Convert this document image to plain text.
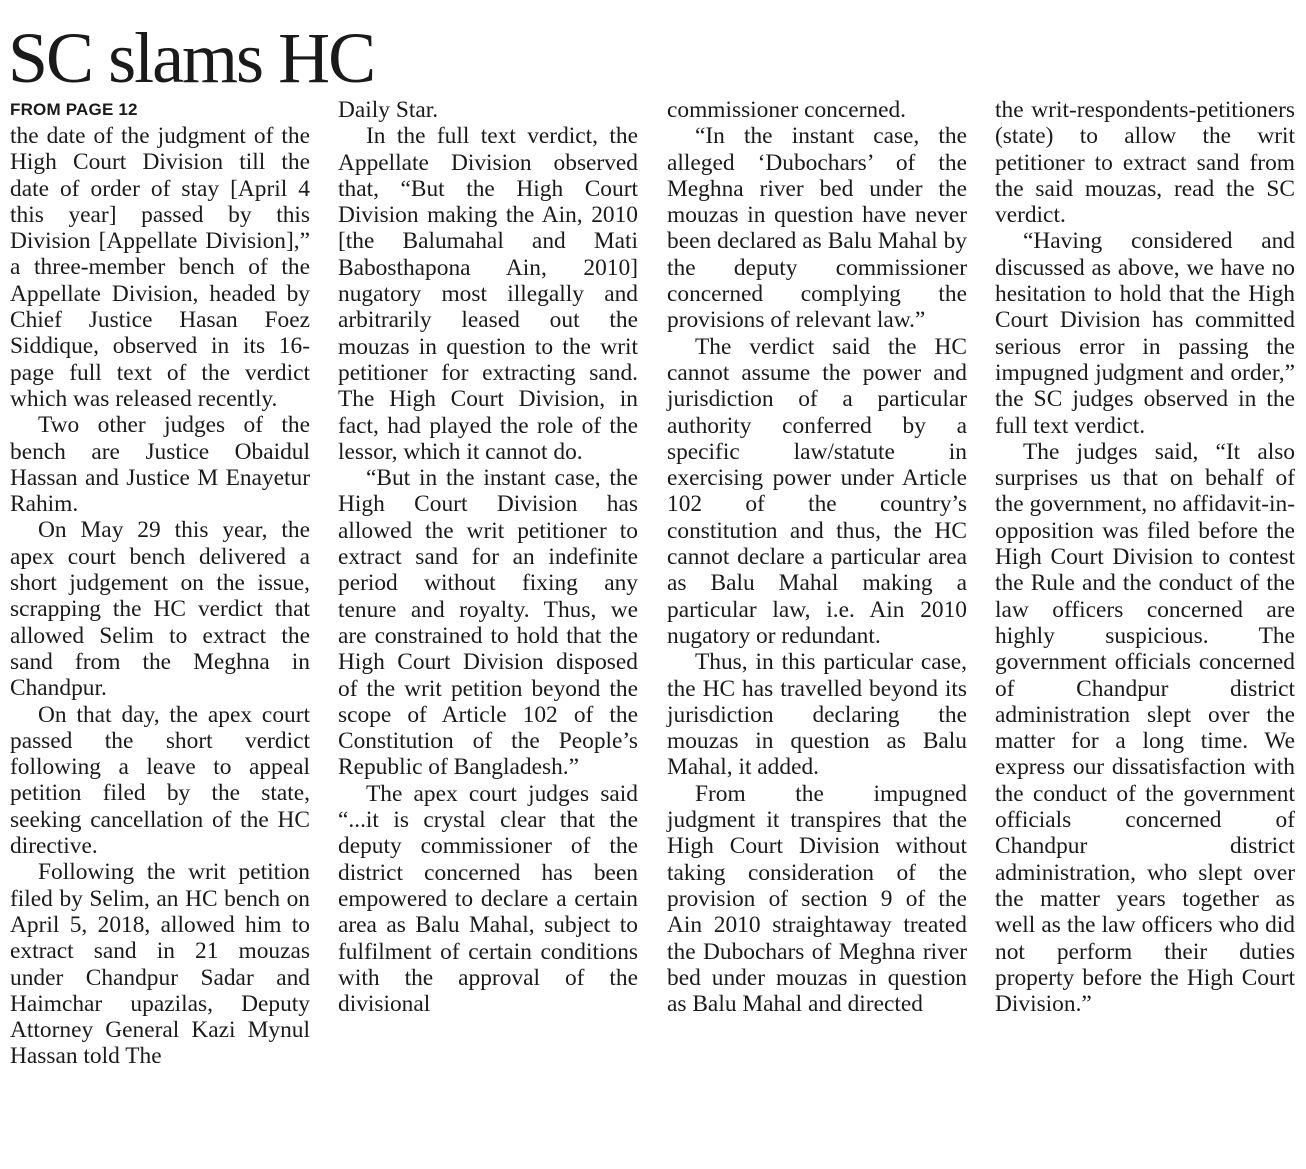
SC slams HC
FROM PAGE 12

the date of the judgment of the High Court Division till the date of order of stay [April 4 this year] passed by this Division [Appellate Division],” a three-member bench of the Appellate Division, headed by Chief Justice Hasan Foez Siddique, observed in its 16-page full text of the verdict which was released recently.

Two other judges of the bench are Justice Obaidul Hassan and Justice M Enayetur Rahim.

On May 29 this year, the apex court bench delivered a short judgement on the issue, scrapping the HC verdict that allowed Selim to extract the sand from the Meghna in Chandpur.

On that day, the apex court passed the short verdict following a leave to appeal petition filed by the state, seeking cancellation of the HC directive.

Following the writ petition filed by Selim, an HC bench on April 5, 2018, allowed him to extract sand in 21 mouzas under Chandpur Sadar and Haimchar upazilas, Deputy Attorney General Kazi Mynul Hassan told The

Daily Star.

In the full text verdict, the Appellate Division observed that, “But the High Court Division making the Ain, 2010 [the Balumahal and Mati Babosthapona Ain, 2010] nugatory most illegally and arbitrarily leased out the mouzas in question to the writ petitioner for extracting sand. The High Court Division, in fact, had played the role of the lessor, which it cannot do.

“But in the instant case, the High Court Division has allowed the writ petitioner to extract sand for an indefinite period without fixing any tenure and royalty. Thus, we are constrained to hold that the High Court Division disposed of the writ petition beyond the scope of Article 102 of the Constitution of the People’s Republic of Bangladesh.”

The apex court judges said “...it is crystal clear that the deputy commissioner of the district concerned has been empowered to declare a certain area as Balu Mahal, subject to fulfilment of certain conditions with the approval of the divisional

commissioner concerned.

“In the instant case, the alleged ‘Dubochars’ of the Meghna river bed under the mouzas in question have never been declared as Balu Mahal by the deputy commissioner concerned complying the provisions of relevant law.”

The verdict said the HC cannot assume the power and jurisdiction of a particular authority conferred by a specific law/statute in exercising power under Article 102 of the country’s constitution and thus, the HC cannot declare a particular area as Balu Mahal making a particular law, i.e. Ain 2010 nugatory or redundant.

Thus, in this particular case, the HC has travelled beyond its jurisdiction declaring the mouzas in question as Balu Mahal, it added.

From the impugned judgment it transpires that the High Court Division without taking consideration of the provision of section 9 of the Ain 2010 straightaway treated the Dubochars of Meghna river bed under mouzas in question as Balu Mahal and directed

the writ-respondents-petitioners (state) to allow the writ petitioner to extract sand from the said mouzas, read the SC verdict.

“Having considered and discussed as above, we have no hesitation to hold that the High Court Division has committed serious error in passing the impugned judgment and order,” the SC judges observed in the full text verdict.

The judges said, “It also surprises us that on behalf of the government, no affidavit-in-opposition was filed before the High Court Division to contest the Rule and the conduct of the law officers concerned are highly suspicious. The government officials concerned of Chandpur district administration slept over the matter for a long time. We express our dissatisfaction with the conduct of the government officials concerned of Chandpur district administration, who slept over the matter years together as well as the law officers who did not perform their duties property before the High Court Division.”
